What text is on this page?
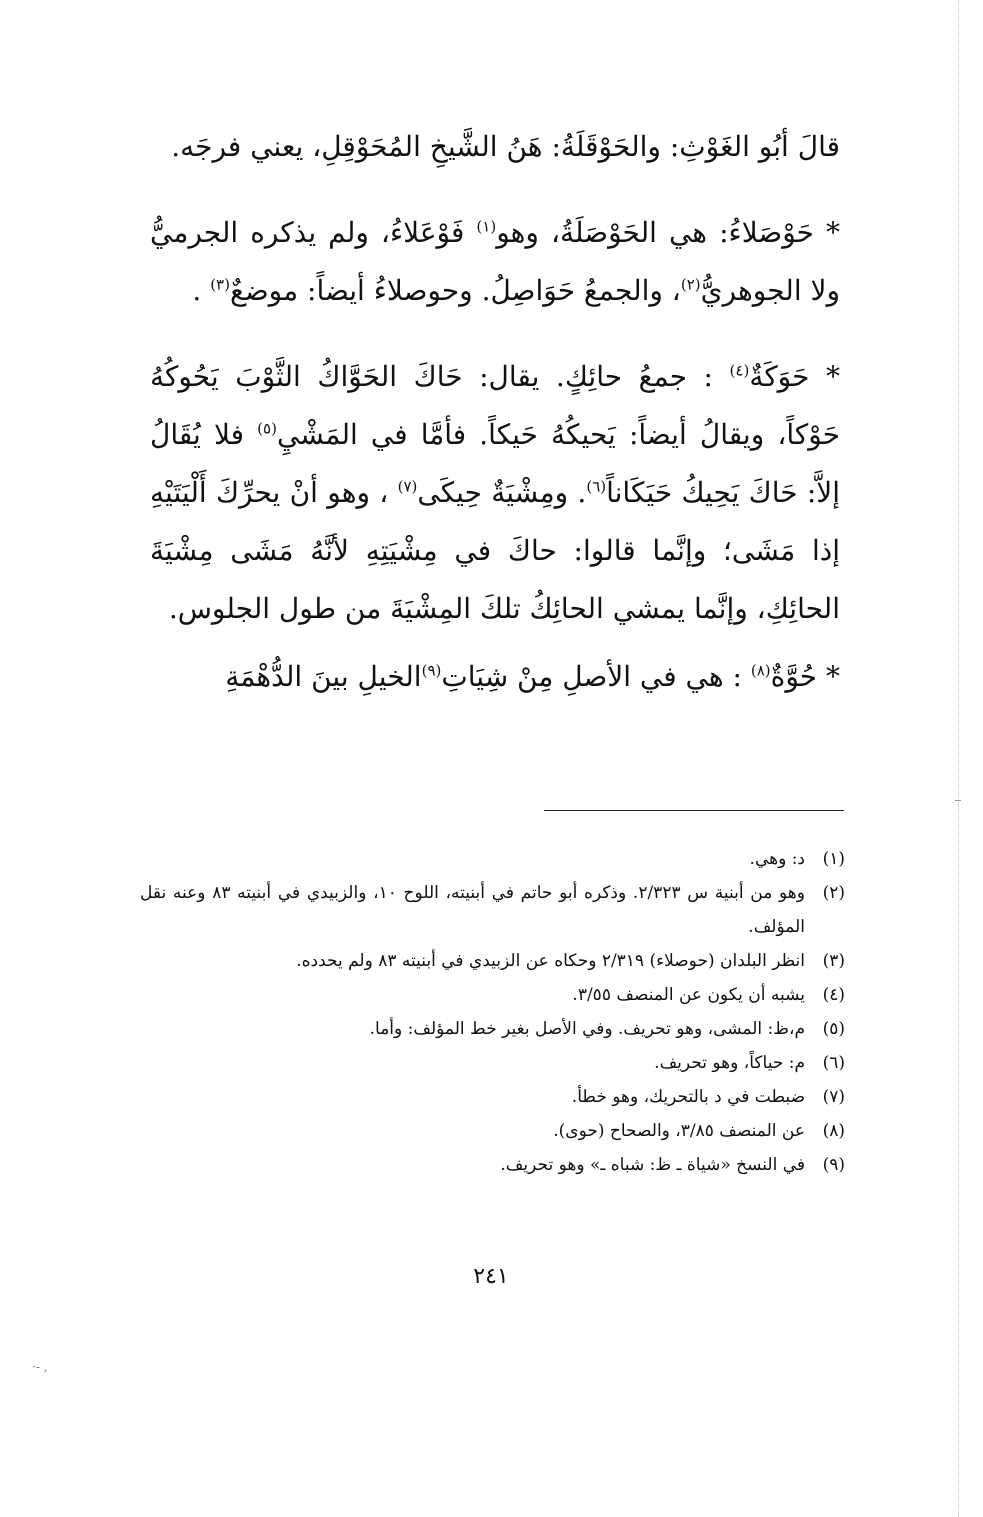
قالَ أبُو الغَوْثِ: والحَوْقَلَةُ: هَنُ الشَّيخِ المُحَوْقِلِ، يعني فرجَه.

* حَوْصَلاءُ: هي الحَوْصَلَةُ، وهو$^{(١)}$ فَوْعَلاءُ، ولم يذكره الجرميُّ ولا الجوهريُّ$^{(٢)}$، والجمعُ حَوَاصِلُ. وحوصلاءُ أيضاً: موضعٌ$^{(٣)}$ .

* حَوَكَةٌ$^{(٤)}$ : جمعُ حائِكٍ. يقال: حَاكَ الحَوَّاكُ الثَّوْبَ يَحُوكُهُ حَوْكاً، ويقالُ أيضاً: يَحيكُهُ حَيكاً. فأمَّا في المَشْيِ$^{(٥)}$ فلا يُقَالُ إلاَّ: حَاكَ يَحِيكُ حَيَكَاناً$^{(٦)}$. ومِشْيَةٌ حِيكَى$^{(٧)}$ ، وهو أنْ يحرِّكَ أَلْيَتَيْهِ إذا مَشَى؛ وإنَّما قالوا: حاكَ في مِشْيَتِهِ لأنَّهُ مَشَى مِشْيَةَ الحائِكِ، وإنَّما يمشي الحائِكُ تلكَ المِشْيَةَ من طول الجلوس.

* حُوَّةٌ$^{(٨)}$ : هي في الأصلِ مِنْ شِيَاتِ$^{(٩)}$الخيلِ بينَ الدُّهْمَةِ

(١)
د: وهي.
(٢)
وهو من أبنية س ٢/٣٢٣. وذكره أبو حاتم في أبنيته، اللوح ١٠، والزبيدي في أبنيته ٨٣ وعنه نقل المؤلف.
(٣)
انظر البلدان (حوصلاء) ٢/٣١٩ وحكاه عن الزبيدي في أبنيته ٨٣ ولم يحدده.
(٤)
يشبه أن يكون عن المنصف ٣/٥٥.
(٥)
م،ظ: المشى، وهو تحريف. وفي الأصل بغير خط المؤلف: وأما.
(٦)
م: حياكاً، وهو تحريف.
(٧)
ضبطت في د بالتحريك، وهو خطأ.
(٨)
عن المنصف ٣/٨٥، والصحاح (حوى).
(٩)
في النسخ «شياة ـ ظ: شباه ـ» وهو تحريف.
٢٤١
·‐ ‚
